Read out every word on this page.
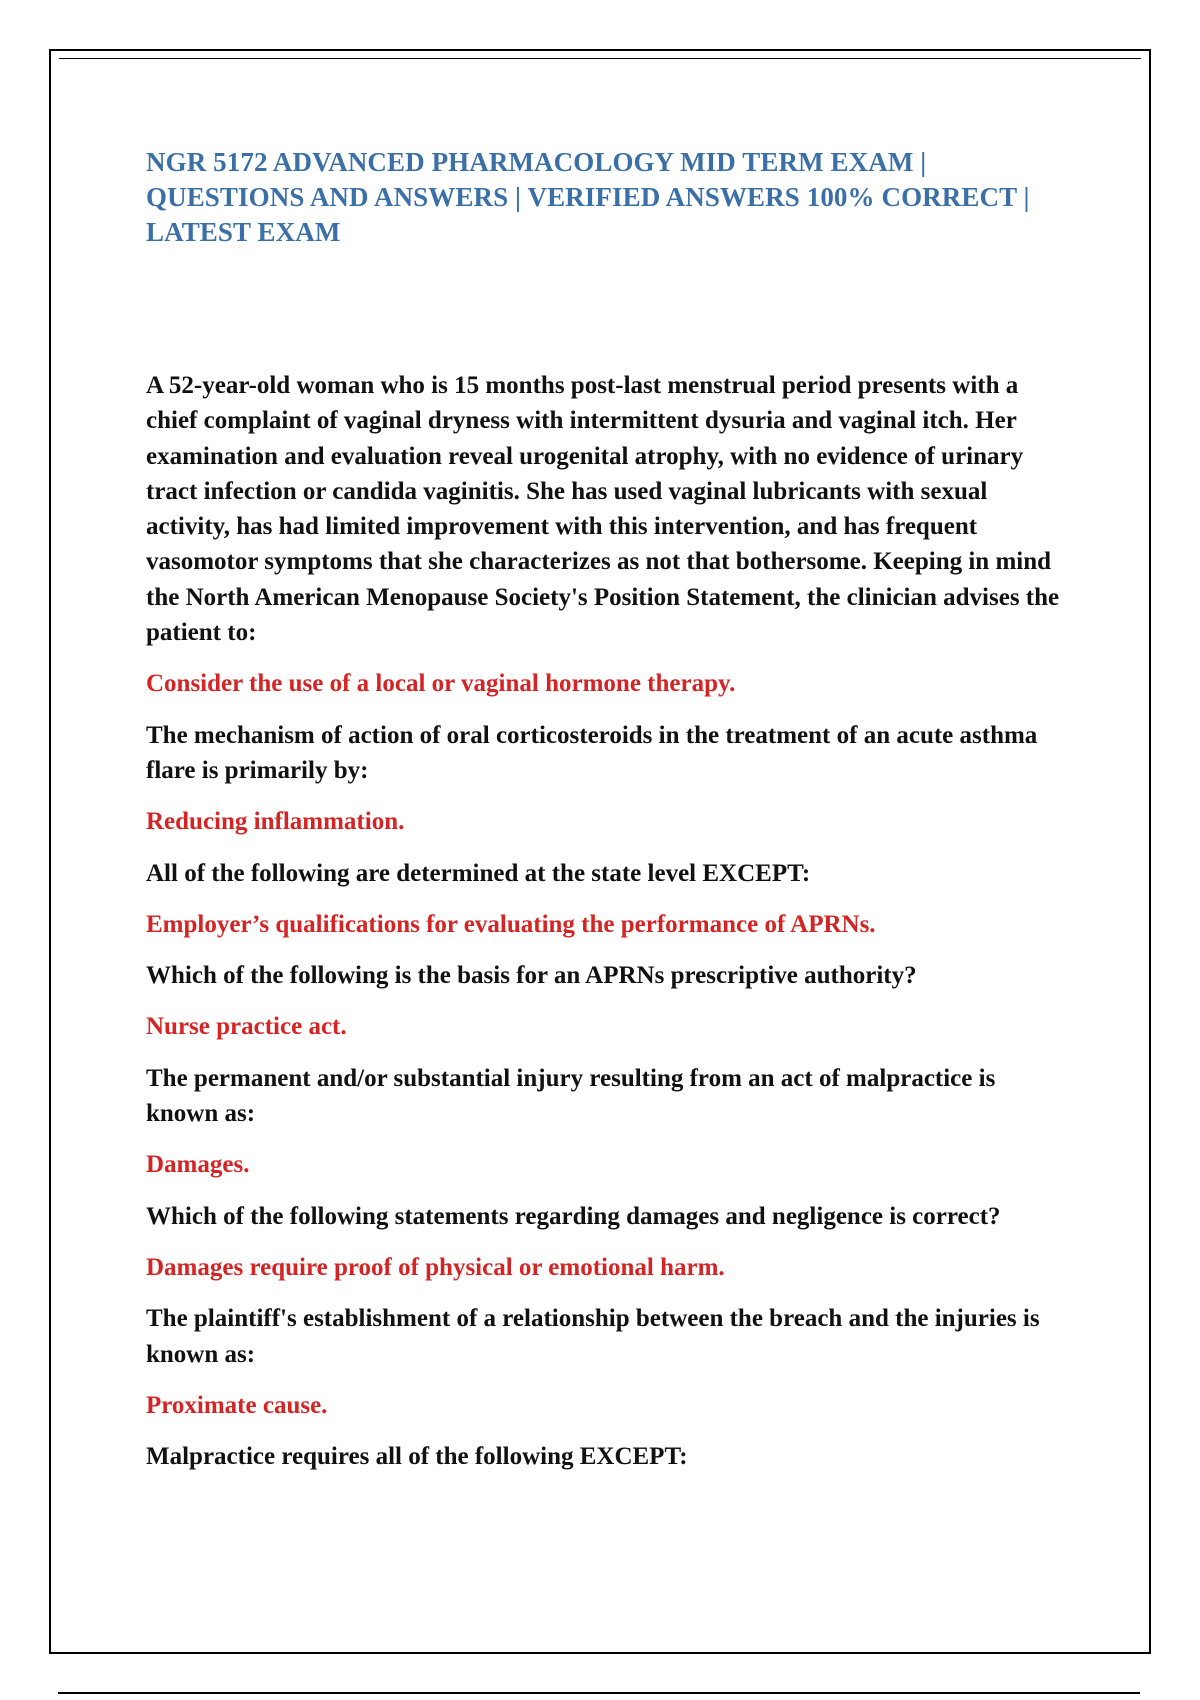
NGR 5172 ADVANCED PHARMACOLOGY MID TERM EXAM | QUESTIONS AND ANSWERS | VERIFIED ANSWERS 100% CORRECT | LATEST EXAM

A 52-year-old woman who is 15 months post-last menstrual period presents with a chief complaint of vaginal dryness with intermittent dysuria and vaginal itch. Her examination and evaluation reveal urogenital atrophy, with no evidence of urinary tract infection or candida vaginitis. She has used vaginal lubricants with sexual activity, has had limited improvement with this intervention, and has frequent vasomotor symptoms that she characterizes as not that bothersome. Keeping in mind the North American Menopause Society's Position Statement, the clinician advises the patient to:

Consider the use of a local or vaginal hormone therapy.

The mechanism of action of oral corticosteroids in the treatment of an acute asthma flare is primarily by:

Reducing inflammation.

All of the following are determined at the state level EXCEPT:

Employer’s qualifications for evaluating the performance of APRNs.

Which of the following is the basis for an APRNs prescriptive authority?

Nurse practice act.

The permanent and/or substantial injury resulting from an act of malpractice is known as:

Damages.

Which of the following statements regarding damages and negligence is correct?

Damages require proof of physical or emotional harm.

The plaintiff's establishment of a relationship between the breach and the injuries is known as:

Proximate cause.

Malpractice requires all of the following EXCEPT:
